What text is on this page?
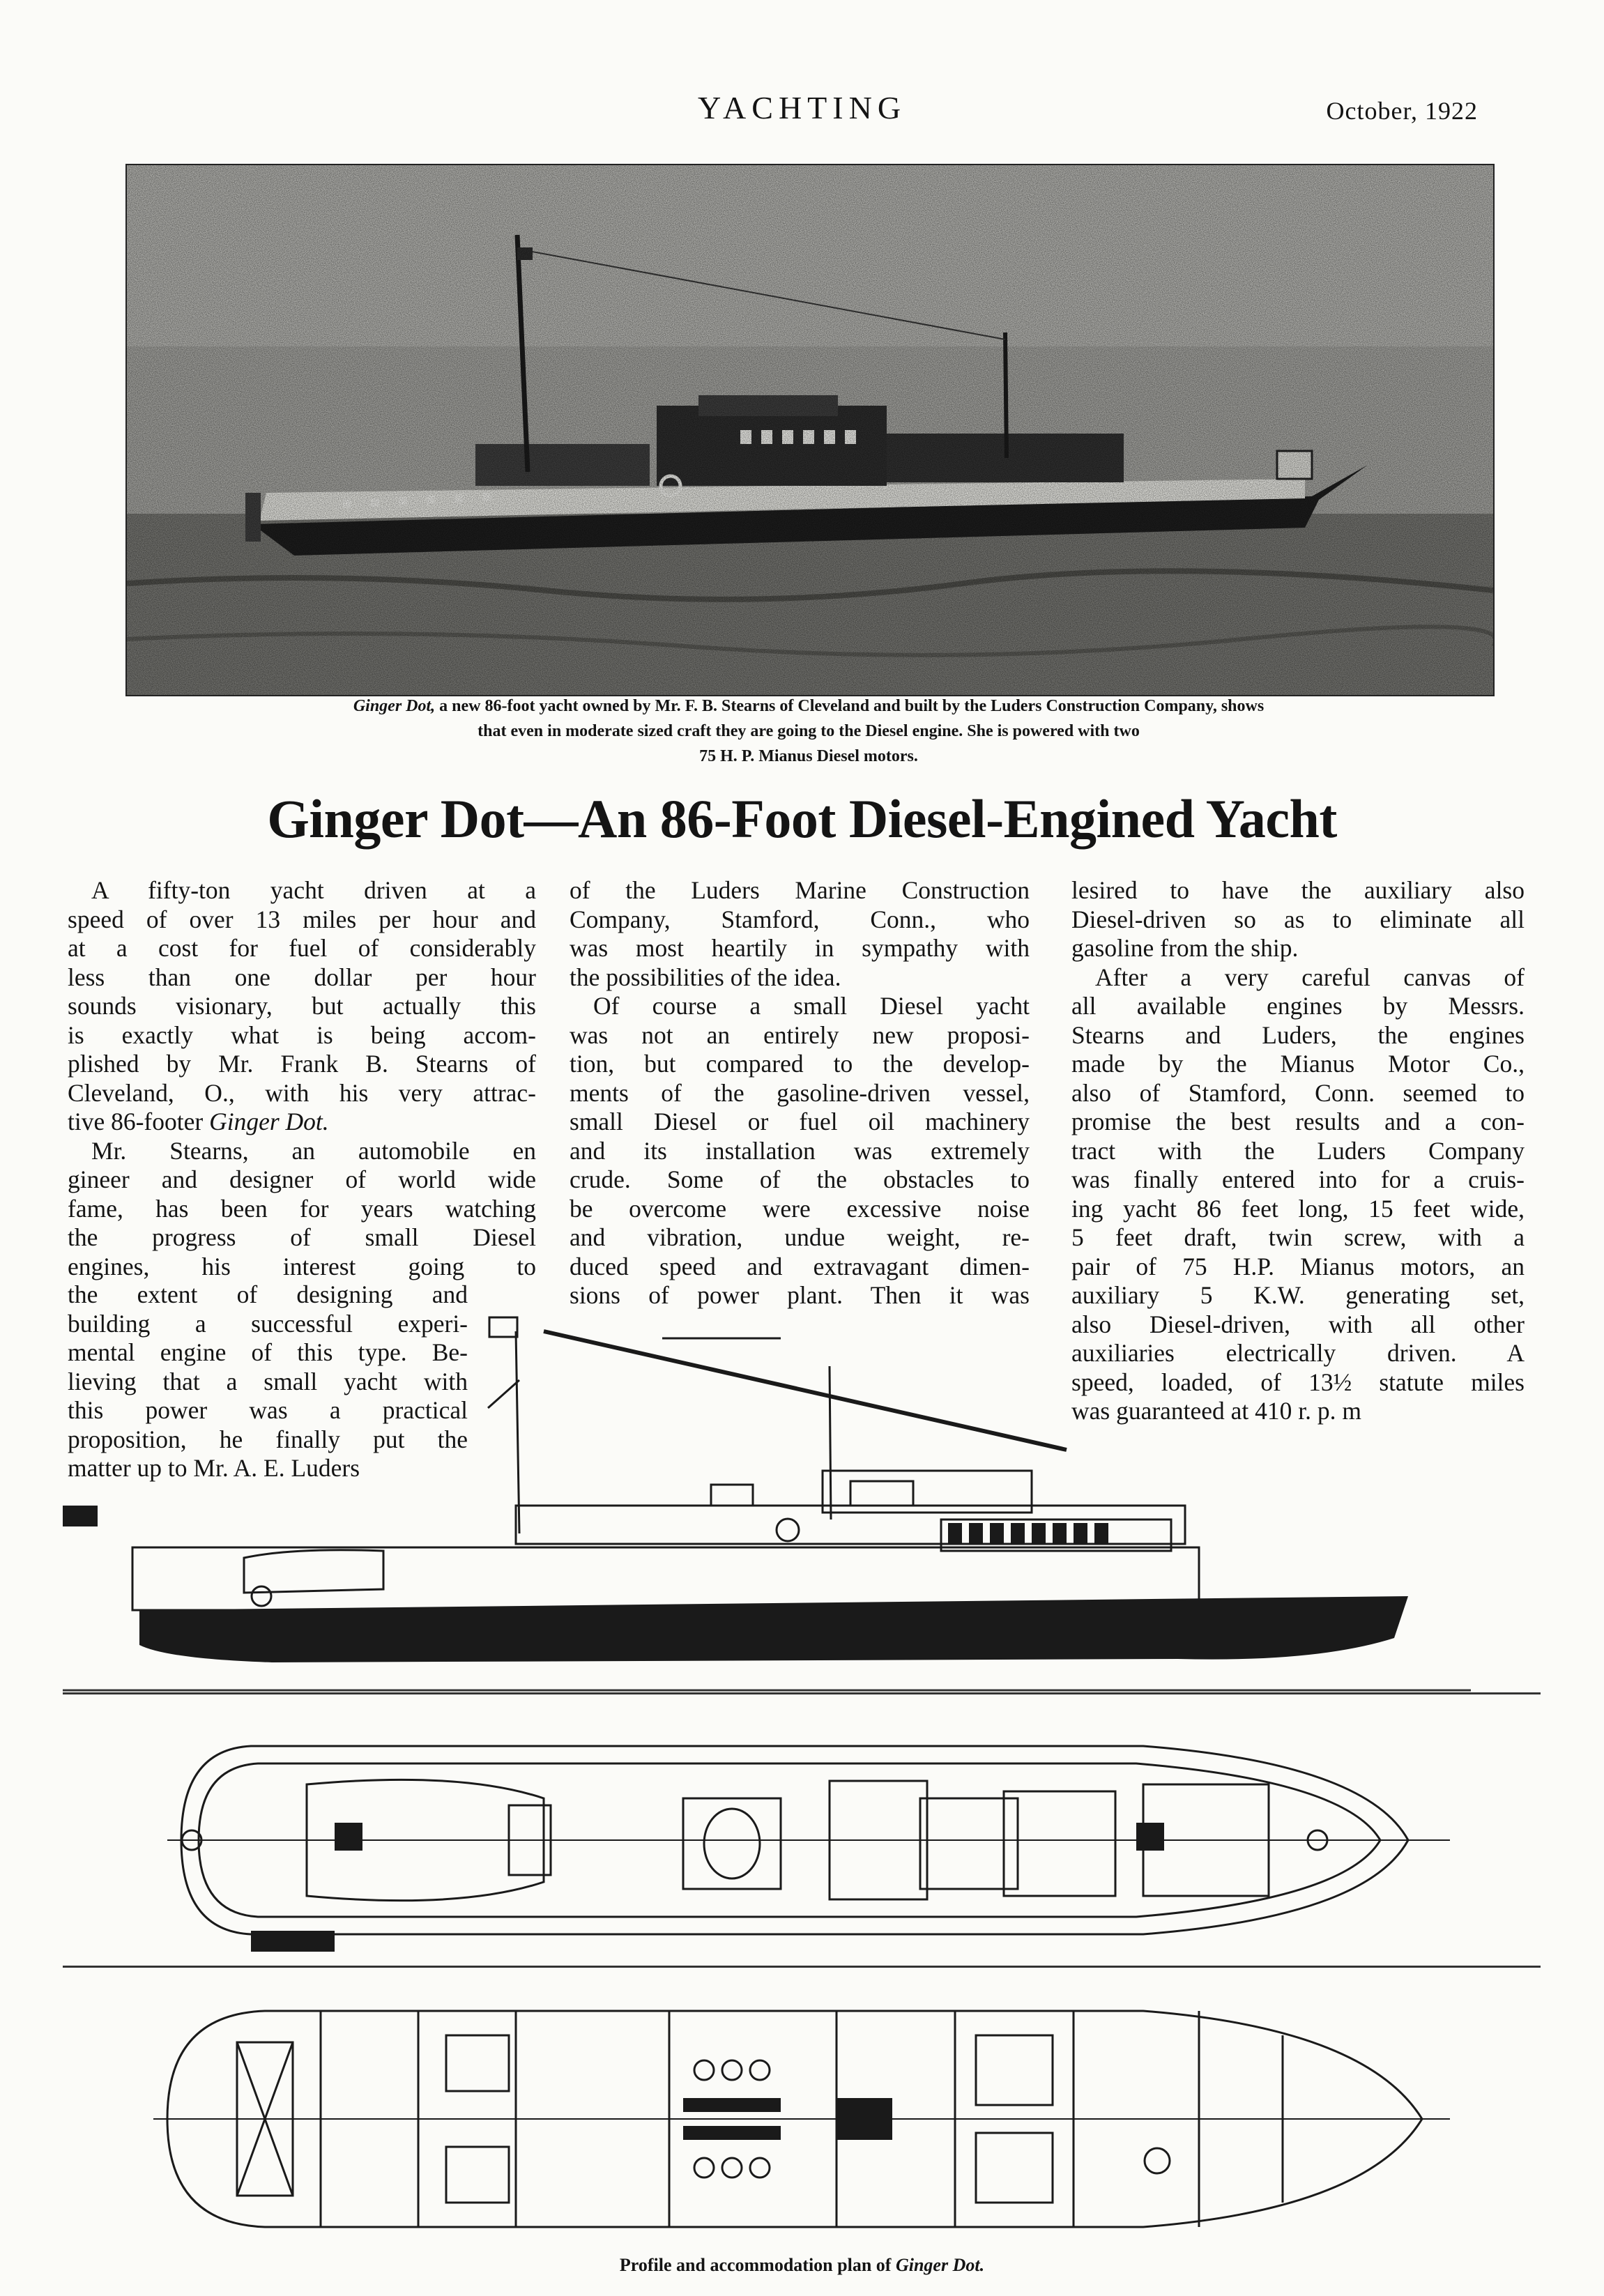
YACHTING	October, 1922
Ginger Dot, a new 86-foot yacht owned by Mr. F. B. Stearns of Cleveland and built by the Luders Construction Company, shows
that even in moderate sized craft they are going to the Diesel engine. She is powered with two
75 H. P. Mianus Diesel motors.
Ginger Dot—An 86-Foot Diesel-Engined Yacht
A fifty-ton yacht driven at a
speed of over 13 miles per hour and
at a cost for fuel of considerably
less than one dollar per hour
sounds visionary, but actually this
is exactly what is being accom-
plished by Mr. Frank B. Stearns of
Cleveland, O., with his very attrac-
tive 86-footer Ginger Dot.
Mr. Stearns, an automobile en
gineer and designer of world wide
fame, has been for years watching
the progress of small Diesel
engines, his interest going to
the extent of designing and
building a successful experi-
mental engine of this type. Be-
lieving that a small yacht with
this power was a practical
proposition, he finally put the
matter up to Mr. A. E. Luders
of the Luders Marine Construction
Company, Stamford, Conn., who
was most heartily in sympathy with
the possibilities of the idea.
Of course a small Diesel yacht
was not an entirely new proposi-
tion, but compared to the develop-
ments of the gasoline-driven vessel,
small Diesel or fuel oil machinery
and its installation was extremely
crude. Some of the obstacles to
be overcome were excessive noise
and vibration, undue weight, re-
duced speed and extravagant dimen-
sions of power plant. Then it was
lesired to have the auxiliary also
Diesel-driven so as to eliminate all
gasoline from the ship.
After a very careful canvas of
all available engines by Messrs.
Stearns and Luders, the engines
made by the Mianus Motor Co.,
also of Stamford, Conn. seemed to
promise the best results and a con-
tract with the Luders Company
was finally entered into for a cruis-
ing yacht 86 feet long, 15 feet wide,
5 feet draft, twin screw, with a
pair of 75 H.P. Mianus motors, an
auxiliary 5 K.W. generating set,
also Diesel-driven, with all other
auxiliaries electrically driven. A
speed, loaded, of 13½ statute miles
was guaranteed at 410 r. p. m
Profile and accommodation plan of Ginger Dot.
